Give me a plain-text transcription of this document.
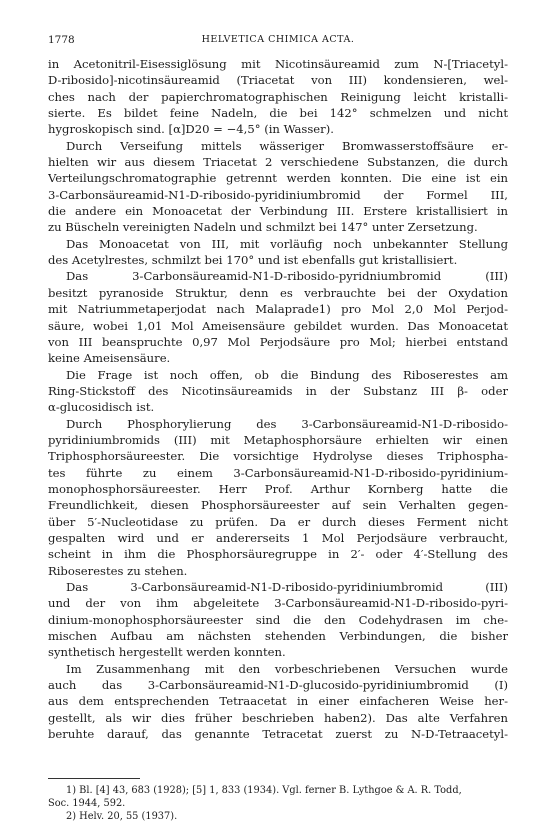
1778	HELVETICA CHIMICA ACTA.
in Acetonitril-Eisessiglösung mit Nicotinsäureamid zum N-[Triacetyl-
D-ribosido]-nicotinsäureamid (Triacetat von III) kondensieren, wel-
ches nach der papierchromatographischen Reinigung leicht kristalli-
sierte. Es bildet feine Nadeln, die bei 142° schmelzen und nicht
hygroskopisch sind. [α]D20 = −4,5° (in Wasser).
Durch Verseifung mittels wässeriger Bromwasserstoffsäure er-
hielten wir aus diesem Triacetat 2 verschiedene Substanzen, die durch
Verteilungschromatographie getrennt werden konnten. Die eine ist ein
3-Carbonsäureamid-N1-D-ribosido-pyridiniumbromid der Formel III,
die andere ein Monoacetat der Verbindung III. Erstere kristallisiert in
zu Büscheln vereinigten Nadeln und schmilzt bei 147° unter Zersetzung.
Das Monoacetat von III, mit vorläufig noch unbekannter Stellung
des Acetylrestes, schmilzt bei 170° und ist ebenfalls gut kristallisiert.
Das 3-Carbonsäureamid-N1-D-ribosido-pyridniumbromid (III)
besitzt pyranoside Struktur, denn es verbrauchte bei der Oxydation
mit Natriummetaperjodat nach Malaprade1) pro Mol 2,0 Mol Perjod-
säure, wobei 1,01 Mol Ameisensäure gebildet wurden. Das Monoacetat
von III beanspruchte 0,97 Mol Perjodsäure pro Mol; hierbei entstand
keine Ameisensäure.
Die Frage ist noch offen, ob die Bindung des Riboserestes am
Ring-Stickstoff des Nicotinsäureamids in der Substanz III β- oder
α-glucosidisch ist.
Durch Phosphorylierung des 3-Carbonsäureamid-N1-D-ribosido-
pyridiniumbromids (III) mit Metaphosphorsäure erhielten wir einen
Triphosphorsäureester. Die vorsichtige Hydrolyse dieses Triphospha-
tes führte zu einem 3-Carbonsäureamid-N1-D-ribosido-pyridinium-
monophosphorsäureester. Herr Prof. Arthur Kornberg hatte die
Freundlichkeit, diesen Phosphorsäureester auf sein Verhalten gegen-
über 5′-Nucleotidase zu prüfen. Da er durch dieses Ferment nicht
gespalten wird und er andererseits 1 Mol Perjodsäure verbraucht,
scheint in ihm die Phosphorsäuregruppe in 2′- oder 4′-Stellung des
Riboserestes zu stehen.
Das 3-Carbonsäureamid-N1-D-ribosido-pyridiniumbromid (III)
und der von ihm abgeleitete 3-Carbonsäureamid-N1-D-ribosido-pyri-
dinium-monophosphorsäureester sind die den Codehydrasen im che-
mischen Aufbau am nächsten stehenden Verbindungen, die bisher
synthetisch hergestellt werden konnten.
Im Zusammenhang mit den vorbeschriebenen Versuchen wurde
auch das 3-Carbonsäureamid-N1-D-glucosido-pyridiniumbromid (I)
aus dem entsprechenden Tetraacetat in einer einfacheren Weise her-
gestellt, als wir dies früher beschrieben haben2). Das alte Verfahren
beruhte darauf, das genannte Tetracetat zuerst zu N-D-Tetraacetyl-
1) Bl. [4] 43, 683 (1928); [5] 1, 833 (1934). Vgl. ferner B. Lythgoe & A. R. Todd,
Soc. 1944, 592.
2) Helv. 20, 55 (1937).
